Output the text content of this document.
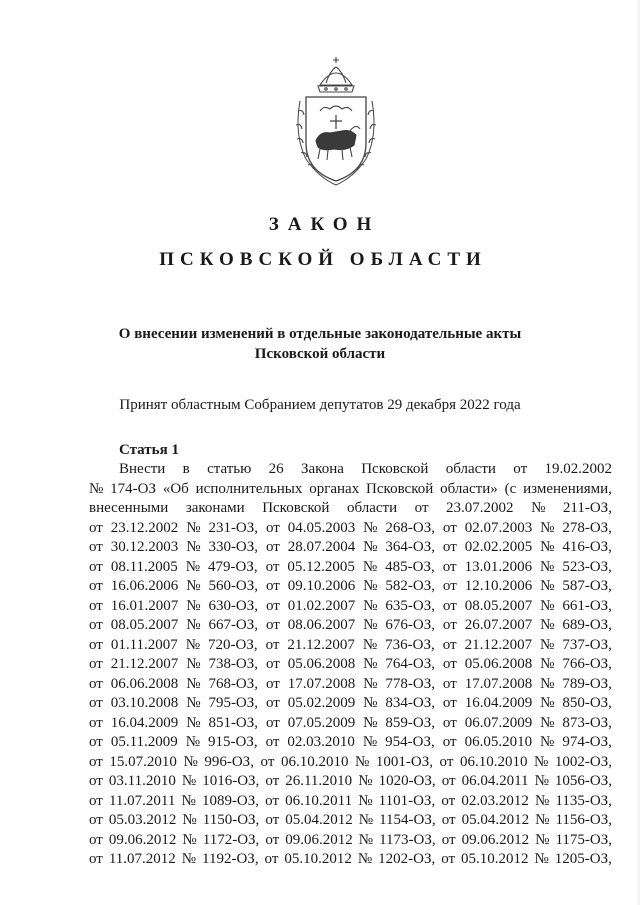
ЗАКОН
ПСКОВСКОЙ ОБЛАСТИ
О внесении изменений в отдельные законодательные акты
Псковской области
Принят областным Собранием депутатов 29 декабря 2022 года
Статья 1
Внести в статью 26 Закона Псковской области от 19.02.2002
№ 174-ОЗ «Об исполнительных органах Псковской области» (с изменениями,
внесенными законами Псковской области от 23.07.2002 № 211-ОЗ,
от 23.12.2002 № 231-ОЗ, от 04.05.2003 № 268-ОЗ, от 02.07.2003 № 278-ОЗ,
от 30.12.2003 № 330-ОЗ, от 28.07.2004 № 364-ОЗ, от 02.02.2005 № 416-ОЗ,
от 08.11.2005 № 479-ОЗ, от 05.12.2005 № 485-ОЗ, от 13.01.2006 № 523-ОЗ,
от 16.06.2006 № 560-ОЗ, от 09.10.2006 № 582-ОЗ, от 12.10.2006 № 587-ОЗ,
от 16.01.2007 № 630-ОЗ, от 01.02.2007 № 635-ОЗ, от 08.05.2007 № 661-ОЗ,
от 08.05.2007 № 667-ОЗ, от 08.06.2007 № 676-ОЗ, от 26.07.2007 № 689-ОЗ,
от 01.11.2007 № 720-ОЗ, от 21.12.2007 № 736-ОЗ, от 21.12.2007 № 737-ОЗ,
от 21.12.2007 № 738-ОЗ, от 05.06.2008 № 764-ОЗ, от 05.06.2008 № 766-ОЗ,
от 06.06.2008 № 768-ОЗ, от 17.07.2008 № 778-ОЗ, от 17.07.2008 № 789-ОЗ,
от 03.10.2008 № 795-ОЗ, от 05.02.2009 № 834-ОЗ, от 16.04.2009 № 850-ОЗ,
от 16.04.2009 № 851-ОЗ, от 07.05.2009 № 859-ОЗ, от 06.07.2009 № 873-ОЗ,
от 05.11.2009 № 915-ОЗ, от 02.03.2010 № 954-ОЗ, от 06.05.2010 № 974-ОЗ,
от 15.07.2010 № 996-ОЗ, от 06.10.2010 № 1001-ОЗ, от 06.10.2010 № 1002-ОЗ,
от 03.11.2010 № 1016-ОЗ, от 26.11.2010 № 1020-ОЗ, от 06.04.2011 № 1056-ОЗ,
от 11.07.2011 № 1089-ОЗ, от 06.10.2011 № 1101-ОЗ, от 02.03.2012 № 1135-ОЗ,
от 05.03.2012 № 1150-ОЗ, от 05.04.2012 № 1154-ОЗ, от 05.04.2012 № 1156-ОЗ,
от 09.06.2012 № 1172-ОЗ, от 09.06.2012 № 1173-ОЗ, от 09.06.2012 № 1175-ОЗ,
от 11.07.2012 № 1192-ОЗ, от 05.10.2012 № 1202-ОЗ, от 05.10.2012 № 1205-ОЗ,
